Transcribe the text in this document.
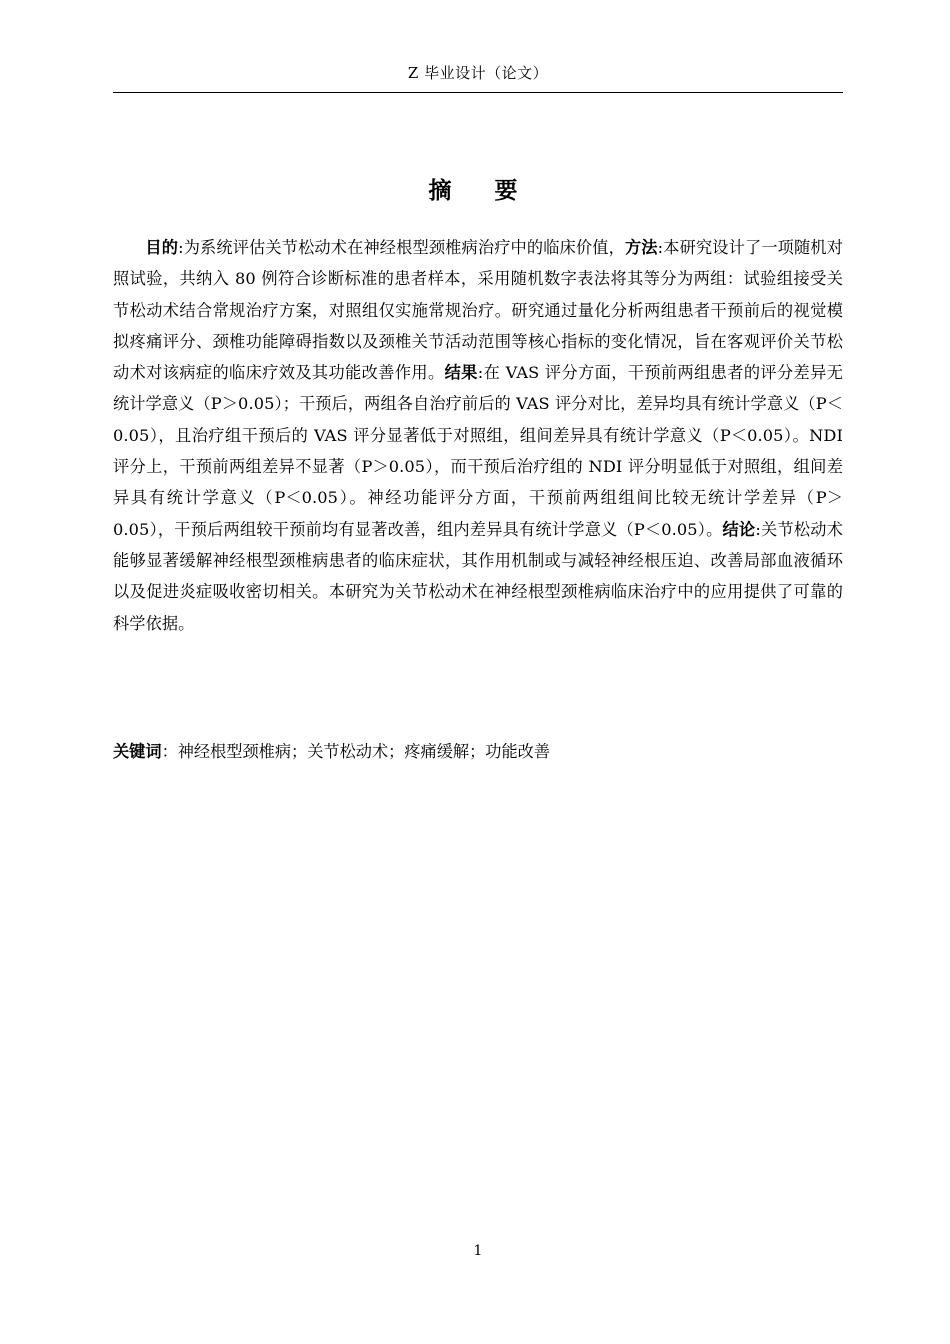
Z 毕业设计（论文）
摘　要

目的:为系统评估关节松动术在神经根型颈椎病治疗中的临床价值，方法:本研究设计了一项随机对照试验，共纳入 80 例符合诊断标准的患者样本，采用随机数字表法将其等分为两组：试验组接受关节松动术结合常规治疗方案，对照组仅实施常规治疗。研究通过量化分析两组患者干预前后的视觉模拟疼痛评分、颈椎功能障碍指数以及颈椎关节活动范围等核心指标的变化情况，旨在客观评价关节松动术对该病症的临床疗效及其功能改善作用。结果:在 VAS 评分方面，干预前两组患者的评分差异无统计学意义（P＞0.05）；干预后，两组各自治疗前后的 VAS 评分对比，差异均具有统计学意义（P＜0.05），且治疗组干预后的 VAS 评分显著低于对照组，组间差异具有统计学意义（P＜0.05）。NDI 评分上，干预前两组差异不显著（P＞0.05），而干预后治疗组的 NDI 评分明显低于对照组，组间差异具有统计学意义（P＜0.05）。神经功能评分方面，干预前两组组间比较无统计学差异（P＞0.05），干预后两组较干预前均有显著改善，组内差异具有统计学意义（P＜0.05）。结论:关节松动术能够显著缓解神经根型颈椎病患者的临床症状，其作用机制或与减轻神经根压迫、改善局部血液循环以及促进炎症吸收密切相关。本研究为关节松动术在神经根型颈椎病临床治疗中的应用提供了可靠的科学依据。

关键词：神经根型颈椎病；关节松动术；疼痛缓解；功能改善
1
